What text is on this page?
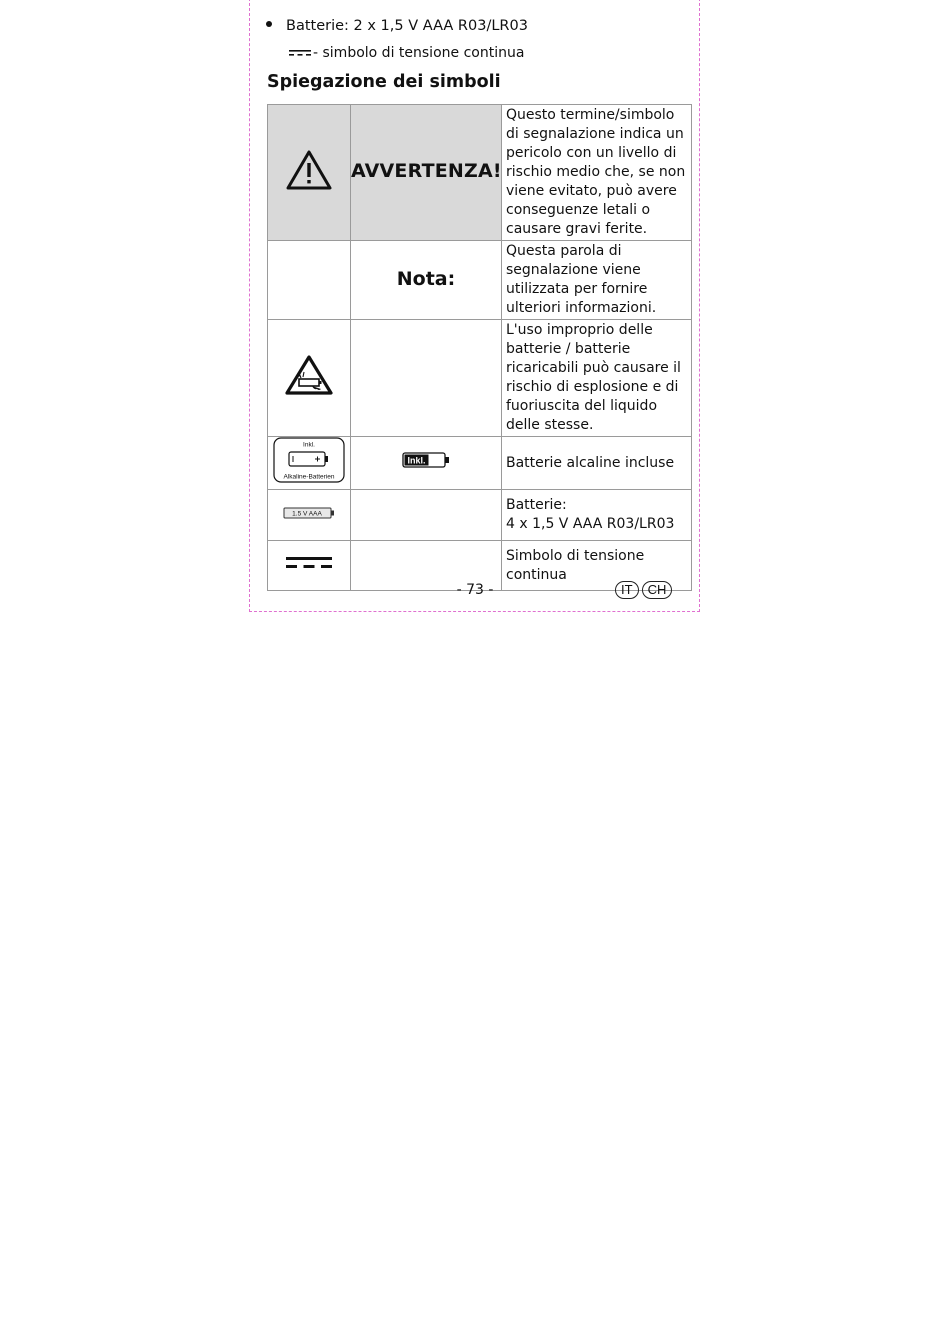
Batterie: 2 x 1,5 V AAA R03/LR03
- simbolo di tensione continua
Spiegazione dei simboli
	AVVERTENZA!	Questo termine/simbolo di segnalazione indica un pericolo con un livello di rischio medio che, se non viene evitato, può avere conseguenze letali o causare gravi ferite.
	Nota:	Questa parola di segnalazione viene utilizzata per fornire ulteriori informazioni.
		L'uso improprio delle batterie / batterie ricaricabili può causare il rischio di esplosione e di fuoriuscita del liquido delle stesse.

Inkl.
Alkaline-Batterien	Inkl.	Batterie alcaline incluse

1.5 V AAA		Batterie:
4 x 1,5 V AAA R03/LR03

		Simbolo di tensione continua
- 73 -	IT	CH
